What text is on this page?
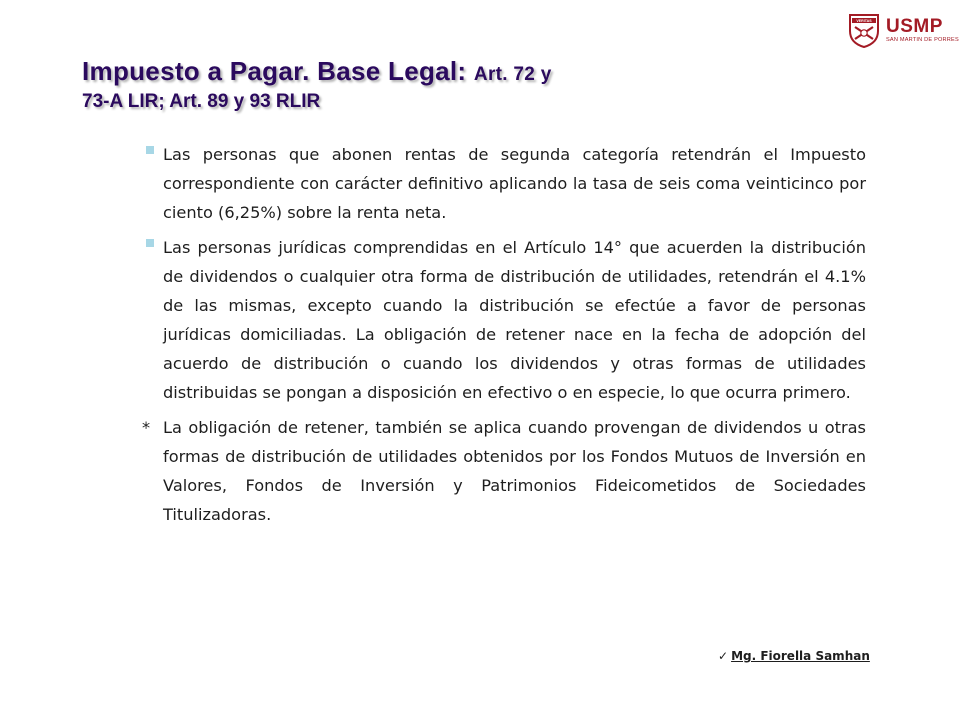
VERITAS USMP
SAN MARTIN DE PORRES
Impuesto a Pagar. Base Legal: Art. 72 y
73-A LIR; Art. 89 y 93 RLIR

Las personas que abonen rentas de segunda categoría retendrán el Impuesto correspondiente con carácter definitivo aplicando la tasa de seis coma veinticinco por ciento (6,25%) sobre la renta neta.

Las personas jurídicas comprendidas en el Artículo 14° que acuerden la distribución de dividendos o cualquier otra forma de distribución de utilidades, retendrán el 4.1% de las mismas, excepto cuando la distribución se efectúe a favor de personas jurídicas domiciliadas. La obligación de retener nace en la fecha de adopción del acuerdo de distribución o cuando los dividendos y otras formas de utilidades distribuidas se pongan a disposición en efectivo o en especie, lo que ocurra primero.

* La obligación de retener, también se aplica cuando provengan de dividendos u otras formas de distribución de utilidades obtenidos por los Fondos Mutuos de Inversión en Valores, Fondos de Inversión y Patrimonios Fideicometidos de Sociedades Titulizadoras.

✓ Mg. Fiorella Samhan
